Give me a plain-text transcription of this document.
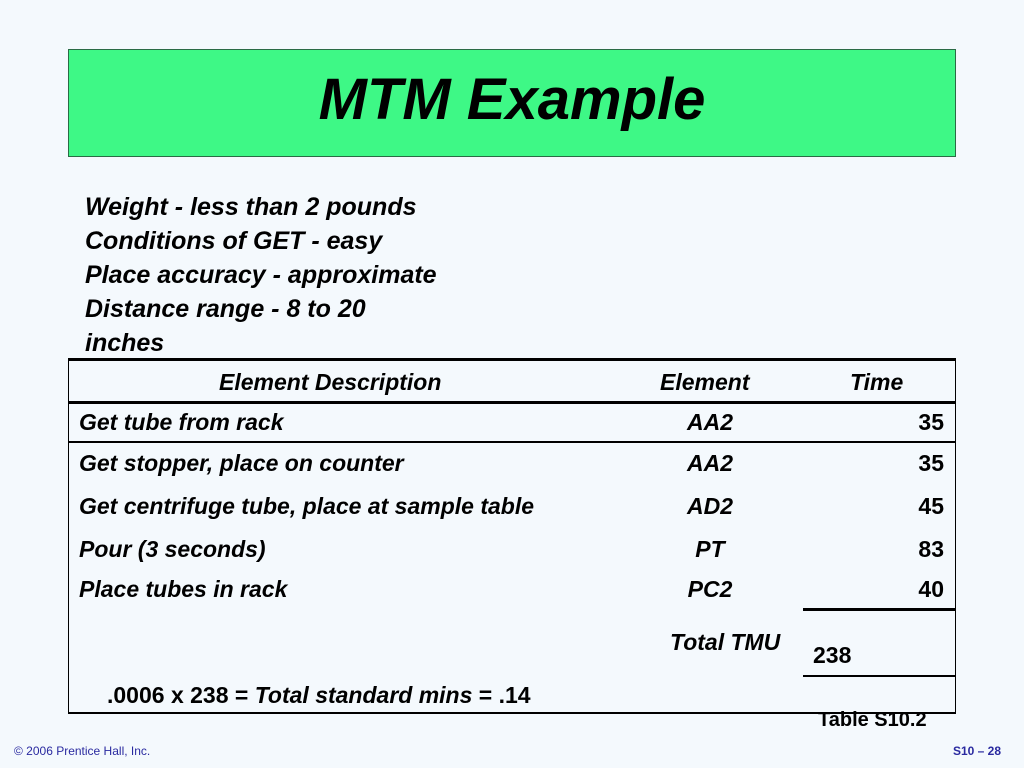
MTM Example
Weight - less than 2 pounds
Conditions of GET - easy
Place accuracy - approximate
Distance range - 8 to 20
inches
Element Description	Element	Time
Get tube from rack	AA2	35
Get stopper, place on counter	AA2	35
Get centrifuge tube, place at sample table	AD2	45
Pour (3 seconds)	PT	83
Place tubes in rack	PC2	40
Total TMU 238
.0006 x 238 = Total standard mins = .14
Table S10.2
© 2006 Prentice Hall, Inc.	S10 – 28
